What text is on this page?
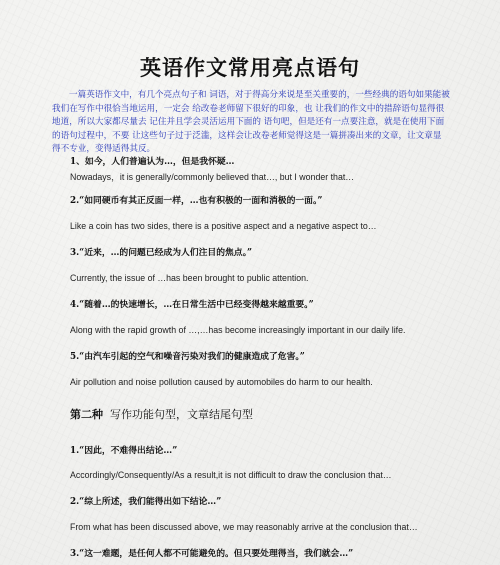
英语作文常用亮点语句

一篇英语作文中，有几个亮点句子和 词语，对于得高分来说是至关重要的，一些经典的语句如果能被我们在写作中很恰当地运用，一定会 给改卷老师留下很好的印象，也 让我们的作文中的措辞语句显得很地道，所以大家都尽量去 记住并且学会灵活运用下面的 语句吧，但是还有一点要注意，就是在使用下面的语句过程中，不要 让这些句子过于泛滥，这样会让改卷老师觉得这是一篇拼凑出来的文章，让文章显得不专业，变得适得其反。

1、如今，人们普遍认为…，但是我怀疑…

Nowadays，it is generally/commonly believed that…, but I wonder that…

2.“如同硬币有其正反面一样，…也有积极的一面和消极的一面。”

Like a coin has two sides, there is a positive aspect and a negative aspect to…

3.“近来，…的问题已经成为人们注目的焦点。”

Currently, the issue of …has been brought to public attention.

4.“随着…的快速增长，…在日常生活中已经变得越来越重要。”

Along with the rapid growth of …,…has become increasingly important in our daily life.

5.“由汽车引起的空气和噪音污染对我们的健康造成了危害。”

Air pollution and noise pollution caused by automobiles do harm to our health.

第二种 写作功能句型，文章结尾句型

1.“因此，不难得出结论…”

Accordingly/Consequently/As a result,it is not difficult to draw the conclusion that…

2.“综上所述，我们能得出如下结论…”

From what has been discussed above, we may reasonably arrive at the conclusion that…

3.“这一难题，是任何人都不可能避免的。但只要处理得当，我们就会…”
